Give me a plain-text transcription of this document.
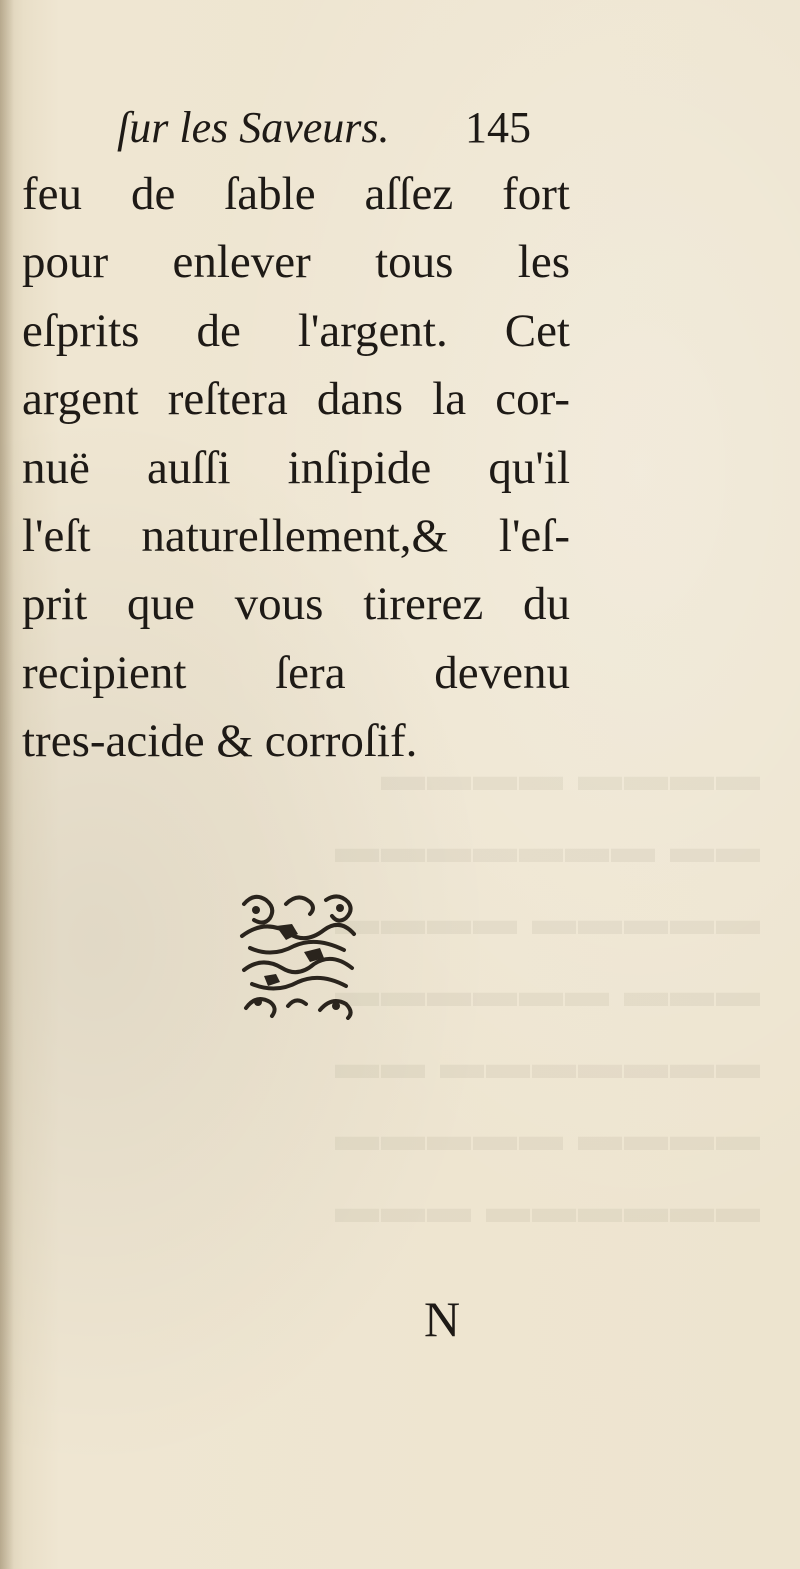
▬▬▬▬ ▬▬▬▬
▬▬ ▬▬▬▬▬▬▬
▬▬▬▬▬ ▬▬▬▬
▬▬▬ ▬▬▬▬▬▬
▬▬▬▬▬▬▬ ▬▬
▬▬▬▬ ▬▬▬▬▬
▬▬▬▬▬▬ ▬▬▬
ſur les Saveurs. 145
feu de ſable aſſez fort
pour enlever tous les
eſprits de l'argent. Cet
argent reſtera dans la cor-
nuë auſſi inſipide qu'il
l'eſt naturellement,& l'eſ-
prit que vous tirerez du
recipient ſera devenu
tres-acide & corroſif.
N
